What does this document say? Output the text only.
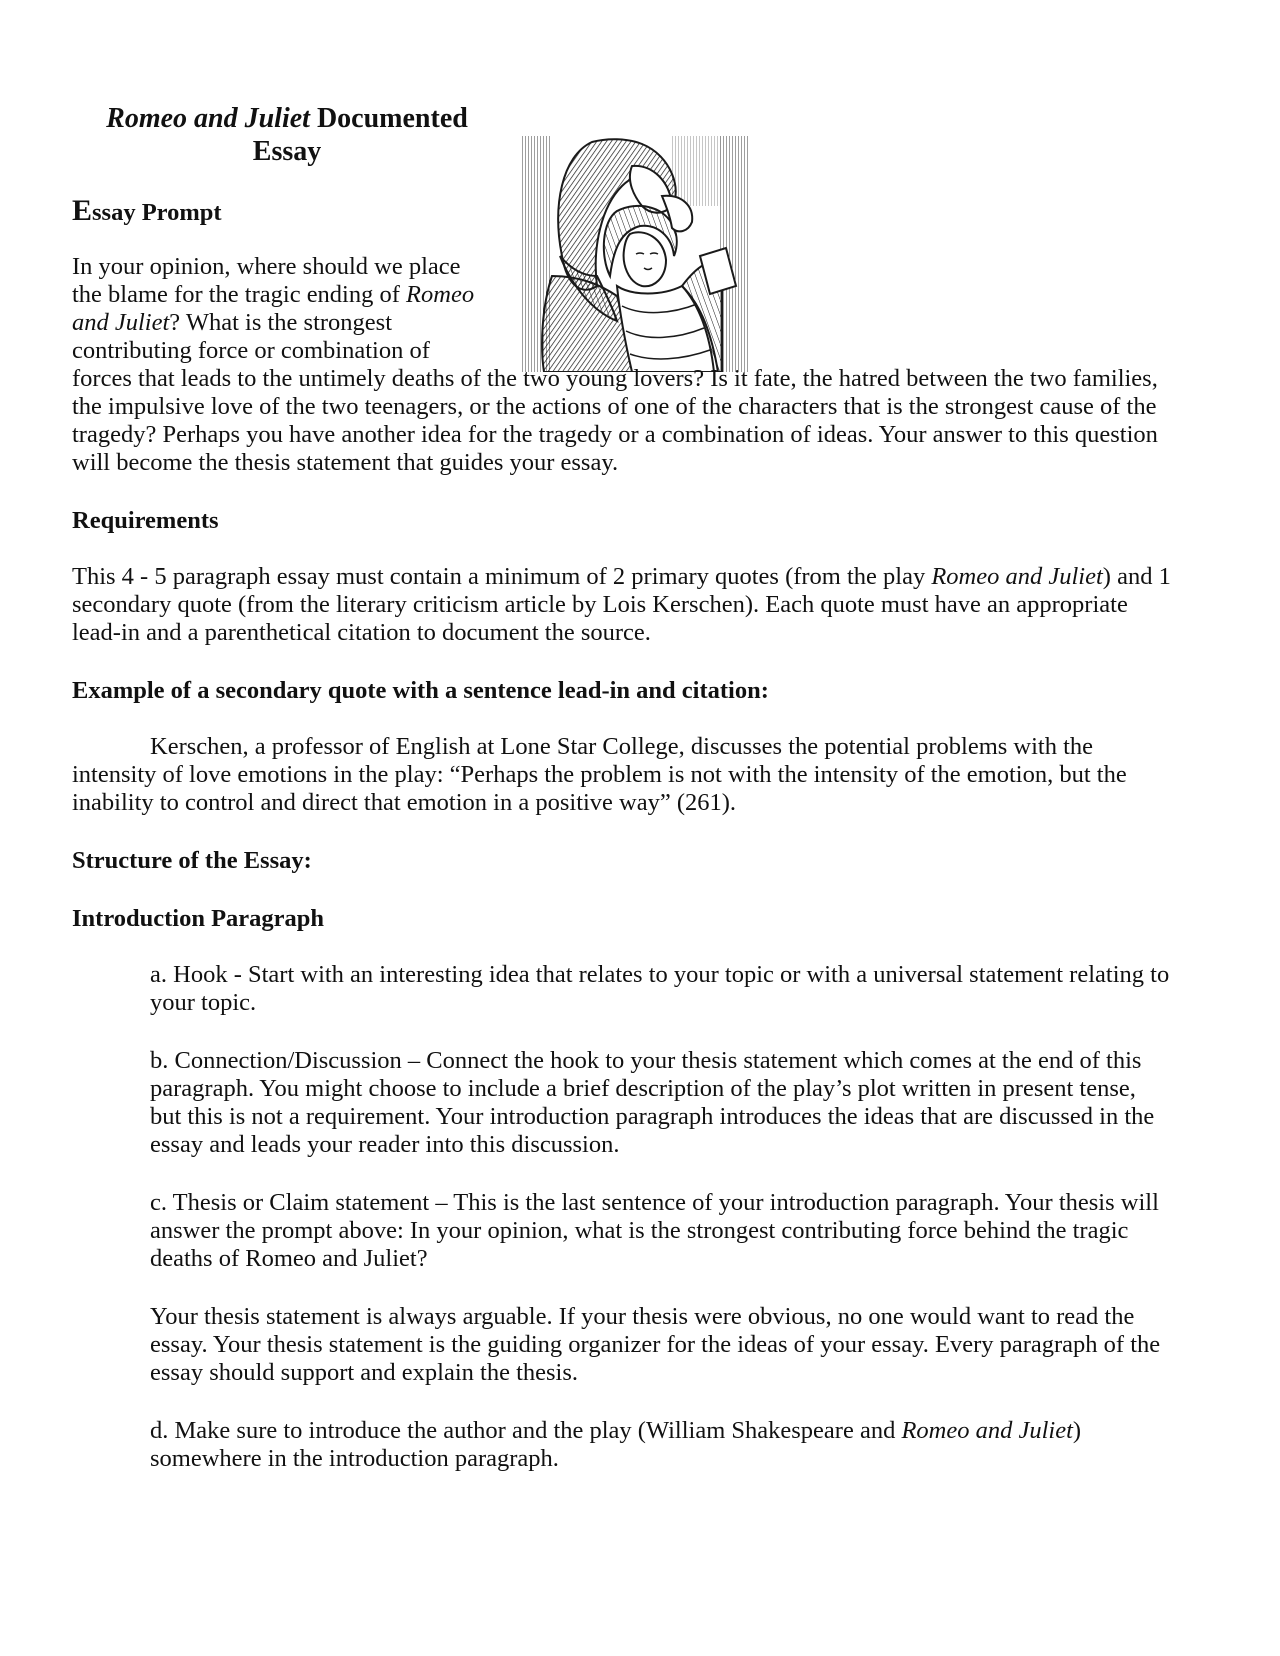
Romeo and Juliet Documented
Essay

Essay Prompt

In your opinion, where should we place

the blame for the tragic ending of Romeo

and Juliet? What is the strongest

contributing force or combination of

forces that leads to the untimely deaths of the two young lovers? Is it fate, the hatred between the two families,

the impulsive love of the two teenagers, or the actions of one of the characters that is the strongest cause of the

tragedy? Perhaps you have another idea for the tragedy or a combination of ideas. Your answer to this question

will become the thesis statement that guides your essay.

Requirements

This 4 - 5 paragraph essay must contain a minimum of 2 primary quotes (from the play Romeo and Juliet) and 1

secondary quote (from the literary criticism article by Lois Kerschen). Each quote must have an appropriate

lead-in and a parenthetical citation to document the source.

Example of a secondary quote with a sentence lead-in and citation:

Kerschen, a professor of English at Lone Star College, discusses the potential problems with the

intensity of love emotions in the play: “Perhaps the problem is not with the intensity of the emotion, but the

inability to control and direct that emotion in a positive way” (261).

Structure of the Essay:

Introduction Paragraph

a. Hook - Start with an interesting idea that relates to your topic or with a universal statement relating to

your topic.

b. Connection/Discussion – Connect the hook to your thesis statement which comes at the end of this

paragraph. You might choose to include a brief description of the play’s plot written in present tense,

but this is not a requirement. Your introduction paragraph introduces the ideas that are discussed in the

essay and leads your reader into this discussion.

c. Thesis or Claim statement – This is the last sentence of your introduction paragraph. Your thesis will

answer the prompt above: In your opinion, what is the strongest contributing force behind the tragic

deaths of Romeo and Juliet?

Your thesis statement is always arguable. If your thesis were obvious, no one would want to read the

essay. Your thesis statement is the guiding organizer for the ideas of your essay. Every paragraph of the

essay should support and explain the thesis.

d. Make sure to introduce the author and the play (William Shakespeare and Romeo and Juliet)

somewhere in the introduction paragraph.
